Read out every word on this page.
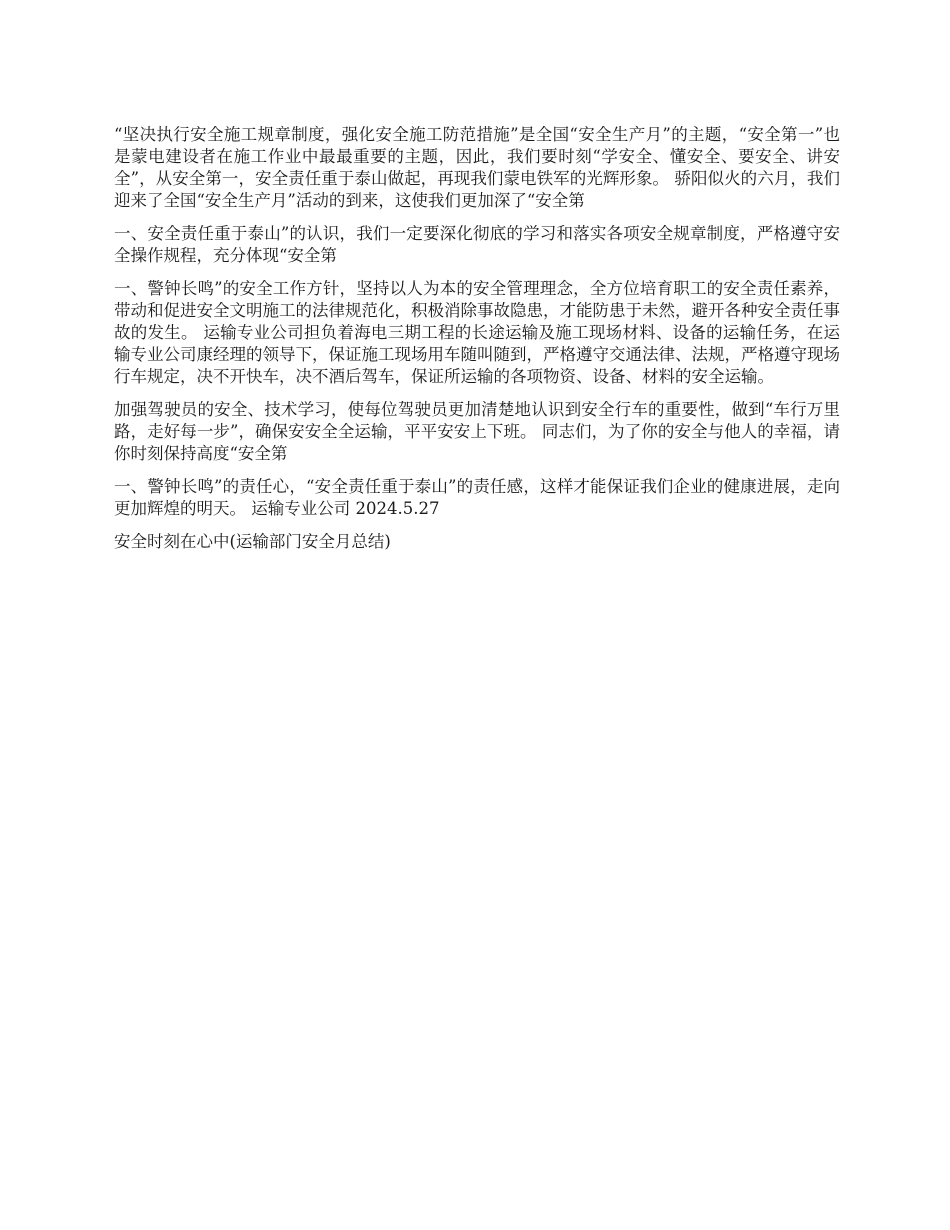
“坚决执行安全施工规章制度，强化安全施工防范措施”是全国“安全生产月”的主题，“安全第一”也是蒙电建设者在施工作业中最最重要的主题，因此，我们要时刻“学安全、懂安全、要安全、讲安全”，从安全第一，安全责任重于泰山做起，再现我们蒙电铁军的光辉形象。 骄阳似火的六月，我们迎来了全国“安全生产月”活动的到来，这使我们更加深了“安全第

一、安全责任重于泰山”的认识，我们一定要深化彻底的学习和落实各项安全规章制度，严格遵守安全操作规程，充分体现“安全第

一、警钟长鸣”的安全工作方针，坚持以人为本的安全管理理念，全方位培育职工的安全责任素养，带动和促进安全文明施工的法律规范化，积极消除事故隐患，才能防患于未然，避开各种安全责任事故的发生。 运输专业公司担负着海电三期工程的长途运输及施工现场材料、设备的运输任务，在运输专业公司康经理的领导下，保证施工现场用车随叫随到，严格遵守交通法律、法规，严格遵守现场行车规定，决不开快车，决不酒后驾车，保证所运输的各项物资、设备、材料的安全运输。

加强驾驶员的安全、技术学习，使每位驾驶员更加清楚地认识到安全行车的重要性，做到“车行万里路，走好每一步”，确保安安全全运输，平平安安上下班。 同志们，为了你的安全与他人的幸福，请你时刻保持高度“安全第

一、警钟长鸣”的责任心，“安全责任重于泰山”的责任感，这样才能保证我们企业的健康进展，走向更加辉煌的明天。 运输专业公司 2024.5.27

安全时刻在心中(运输部门安全月总结)
